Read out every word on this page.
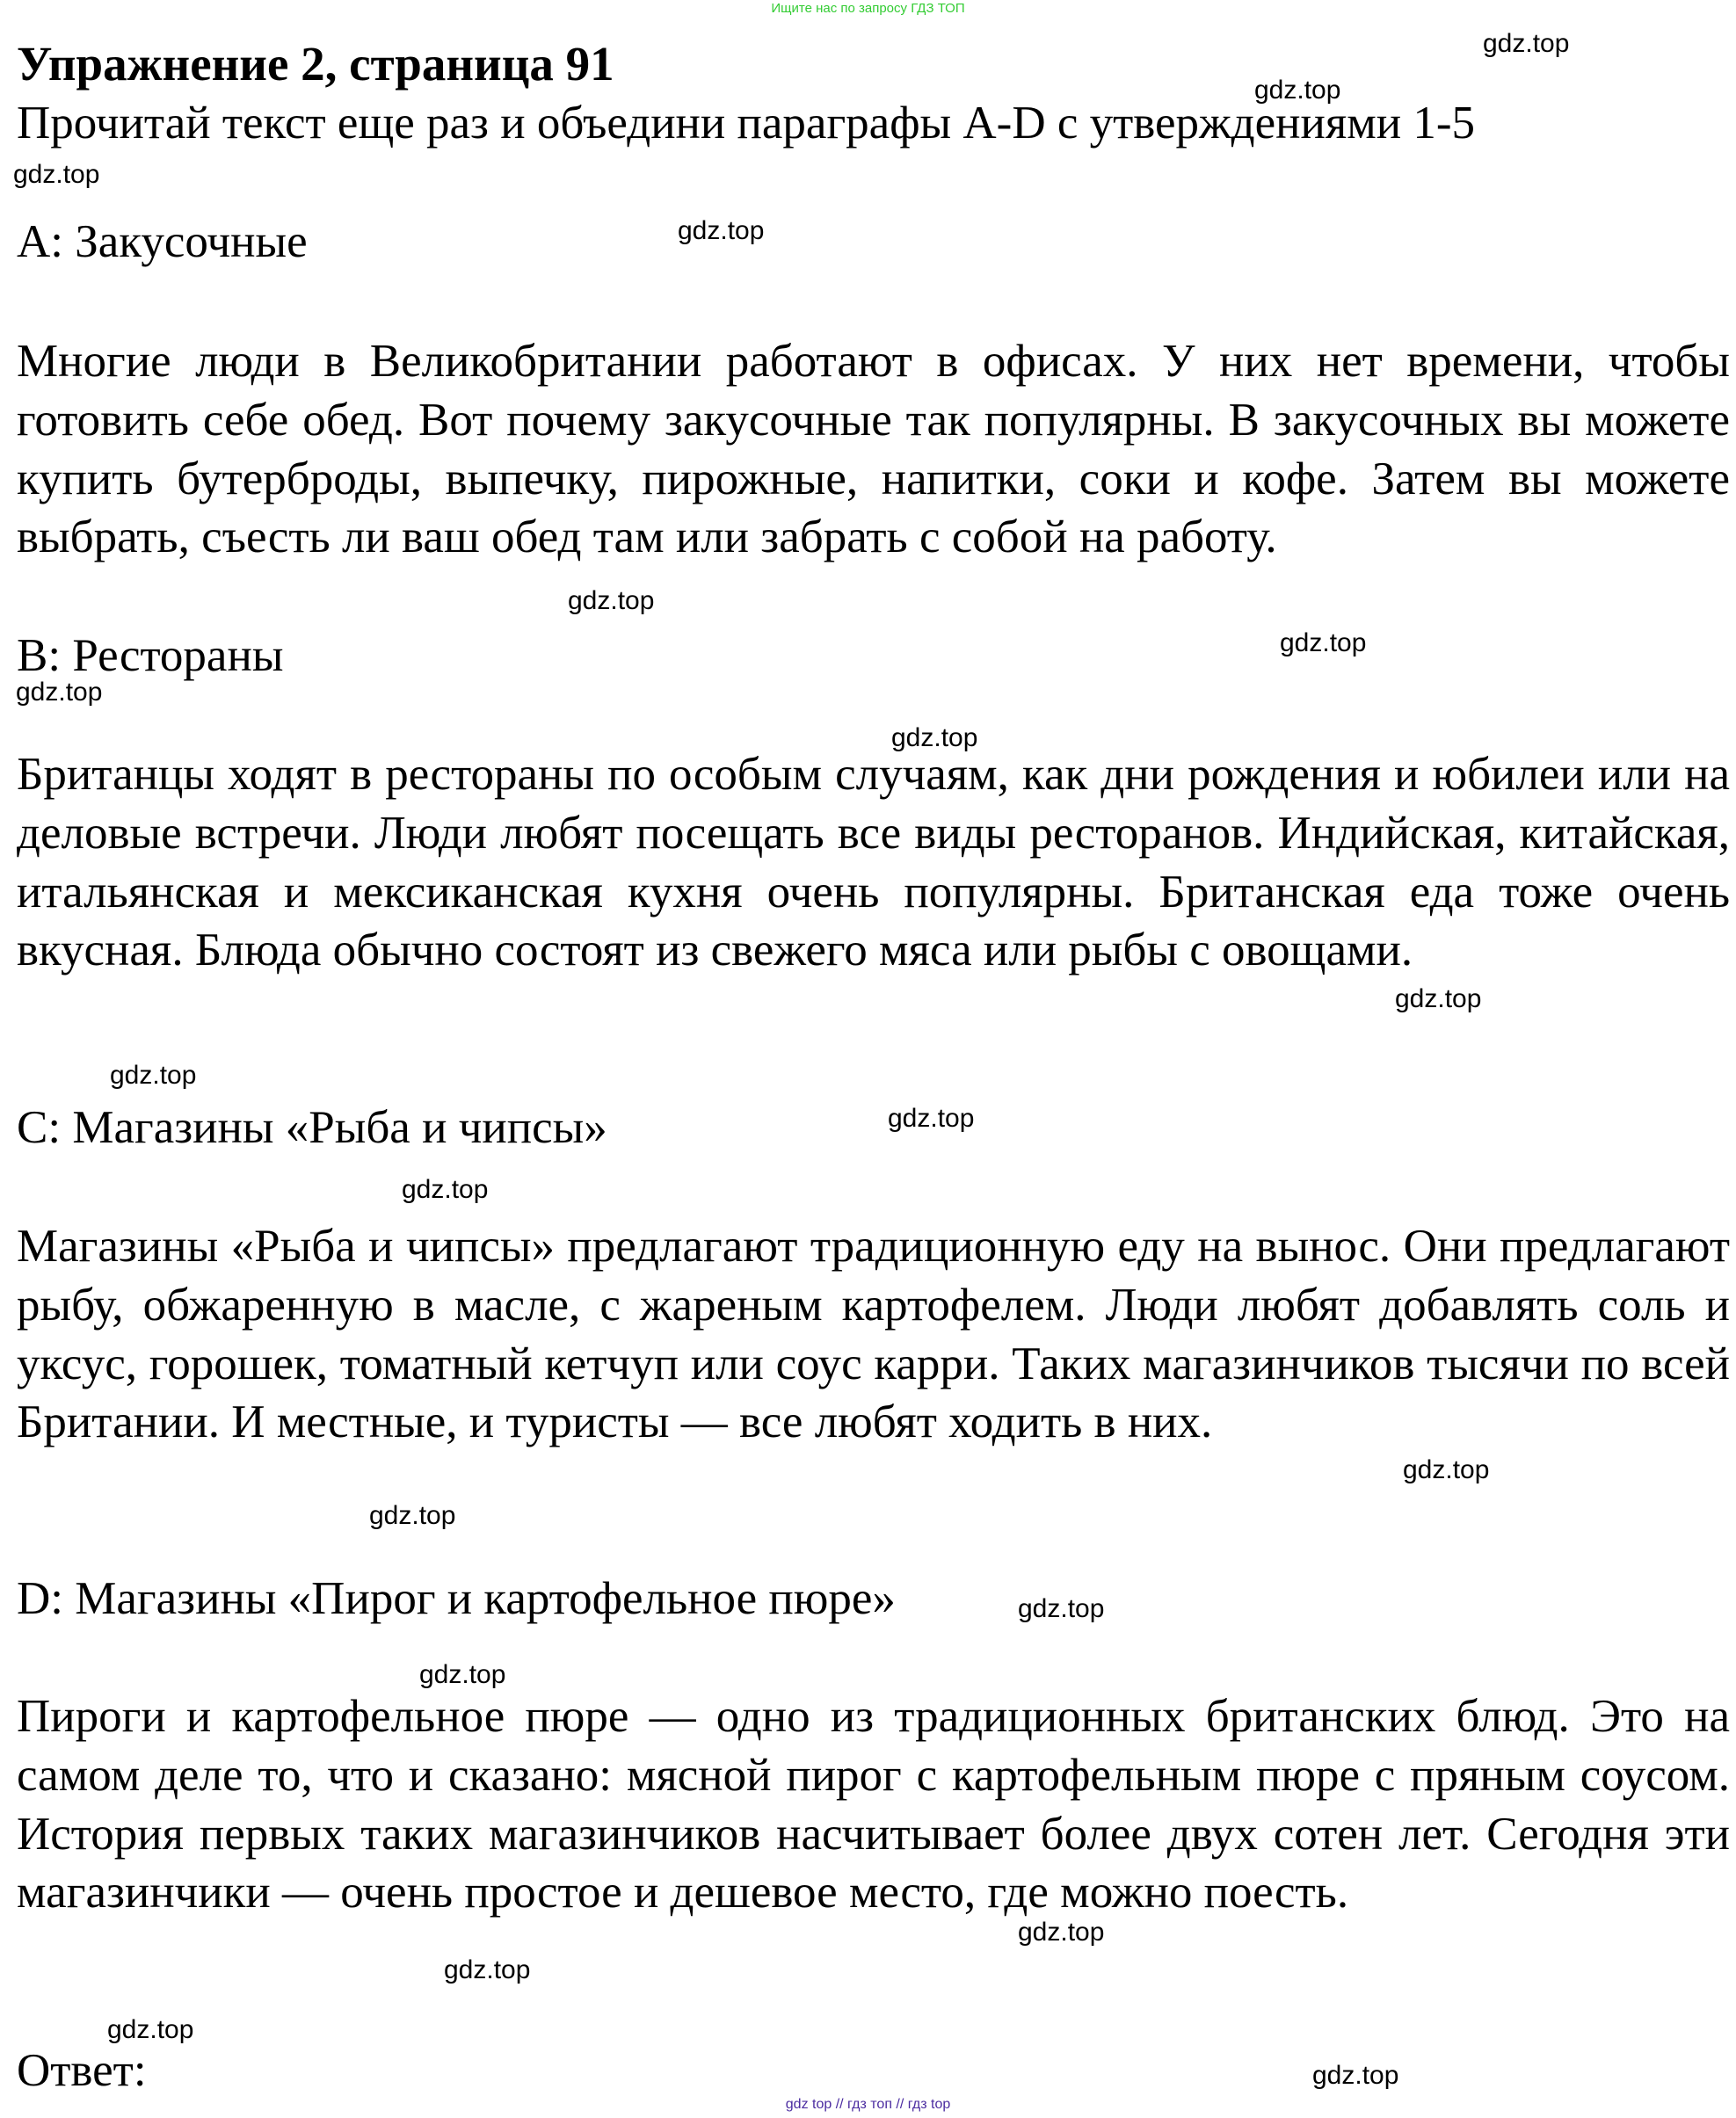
Ищите нас по запросу ГДЗ ТОП
Упражнение 2, страница 91
Прочитай текст еще раз и объедини параграфы A-D с утверждениями 1-5
A: Закусочные
Многие люди в Великобритании работают в офисах. У них нет времени, чтобы готовить себе обед. Вот почему закусочные так популярны. В закусочных вы можете купить бутерброды, выпечку, пирожные, напитки, соки и кофе. Затем вы можете выбрать, съесть ли ваш обед там или забрать с собой на работу.
B: Рестораны
Британцы ходят в рестораны по особым случаям, как дни рождения и юбилеи или на деловые встречи. Люди любят посещать все виды ресторанов. Индийская, китайская, итальянская и мексиканская кухня очень популярны. Британская еда тоже очень вкусная. Блюда обычно состоят из свежего мяса или рыбы с овощами.
C: Магазины «Рыба и чипсы»
Магазины «Рыба и чипсы» предлагают традиционную еду на вынос. Они предлагают рыбу, обжаренную в масле, с жареным картофелем. Люди любят добавлять соль и уксус, горошек, томатный кетчуп или соус карри. Таких магазинчиков тысячи по всей Британии. И местные, и туристы — все любят ходить в них.
D: Магазины «Пирог и картофельное пюре»
Пироги и картофельное пюре — одно из традиционных британских блюд. Это на самом деле то, что и сказано: мясной пирог с картофельным пюре с пряным соусом. История первых таких магазинчиков насчитывает более двух сотен лет. Сегодня эти магазинчики — очень простое и дешевое место, где можно поесть.
Ответ:
gdz.top
gdz.top
gdz.top
gdz.top
gdz.top
gdz.top
gdz.top
gdz.top
gdz.top
gdz.top
gdz.top
gdz.top
gdz.top
gdz.top
gdz.top
gdz.top
gdz.top
gdz.top
gdz.top
gdz.top
gdz top // гдз топ // гдз top
